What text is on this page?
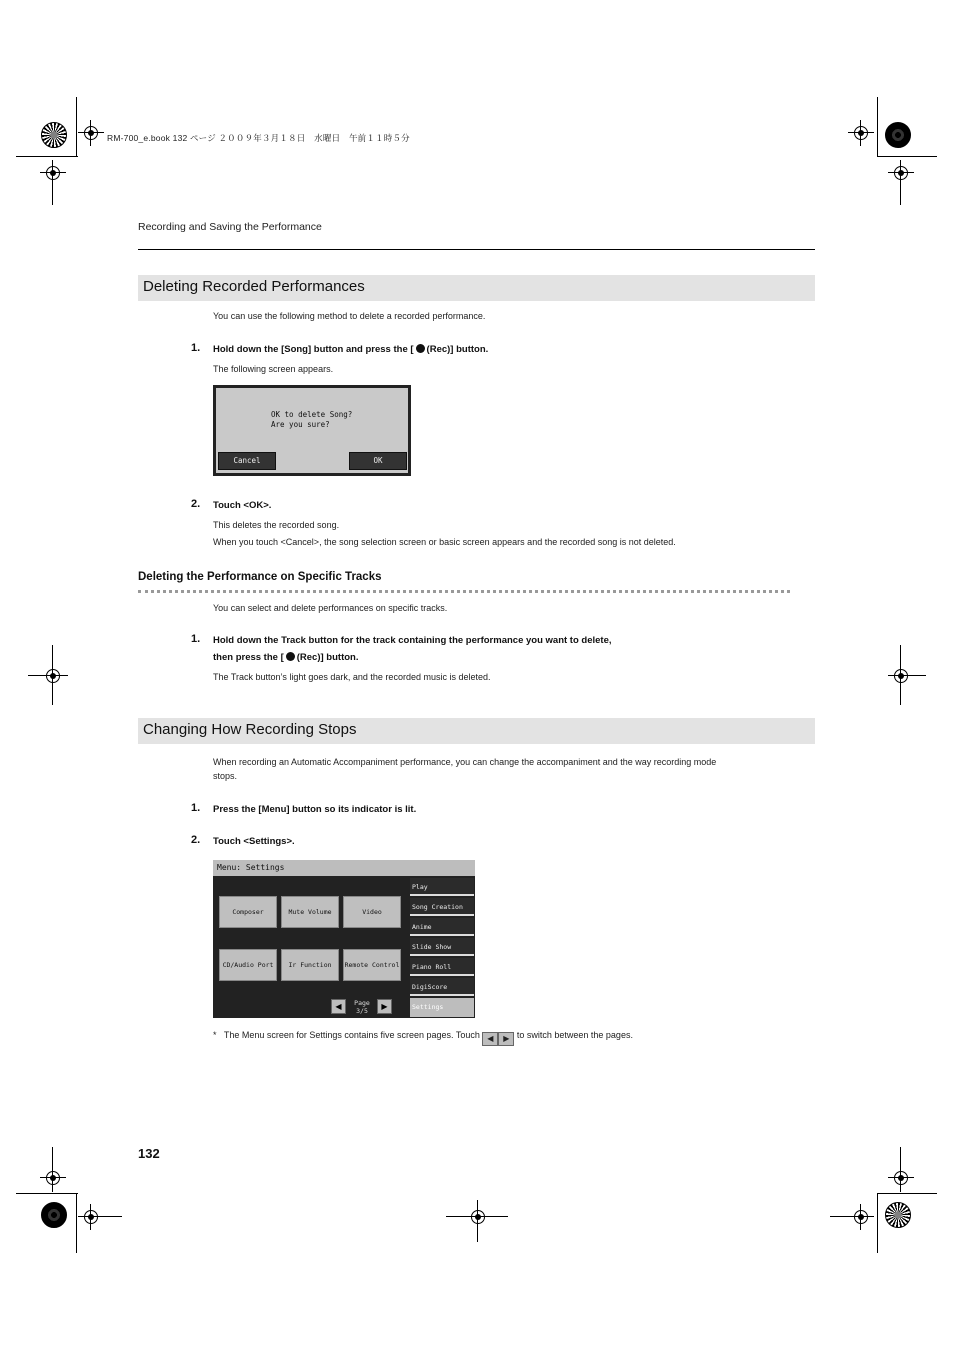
RM-700_e.book 132 ページ ２００９年３月１８日　水曜日　午前１１時５分
Recording and Saving the Performance
Deleting Recorded Performances
You can use the following method to delete a recorded performance.
1. Hold down the [Song] button and press the [ (Rec)] button.
The following screen appears.
OK to delete Song?
Are you sure?
Cancel	OK
2. Touch <OK>.
This deletes the recorded song.
When you touch <Cancel>, the song selection screen or basic screen appears and the recorded song is not deleted.
Deleting the Performance on Specific Tracks
You can select and delete performances on specific tracks.
1. Hold down the Track button for the track containing the performance you want to delete,
then press the [ (Rec)] button.
The Track button’s light goes dark, and the recorded music is deleted.
Changing How Recording Stops
When recording an Automatic Accompaniment performance, you can change the accompaniment and the way recording mode
stops.
1. Press the [Menu] button so its indicator is lit.
2. Touch <Settings>.
Menu: Settings
Composer	Mute Volume	Video
CD/Audio Port	Ir Function	Remote Control
Play
Song Creation
Anime
Slide Show
Piano Roll
DigiScore
Settings
◀	Page
3/5	▶
* The Menu screen for Settings contains five screen pages. Touch ◀ ▶ to switch between the pages.
132
